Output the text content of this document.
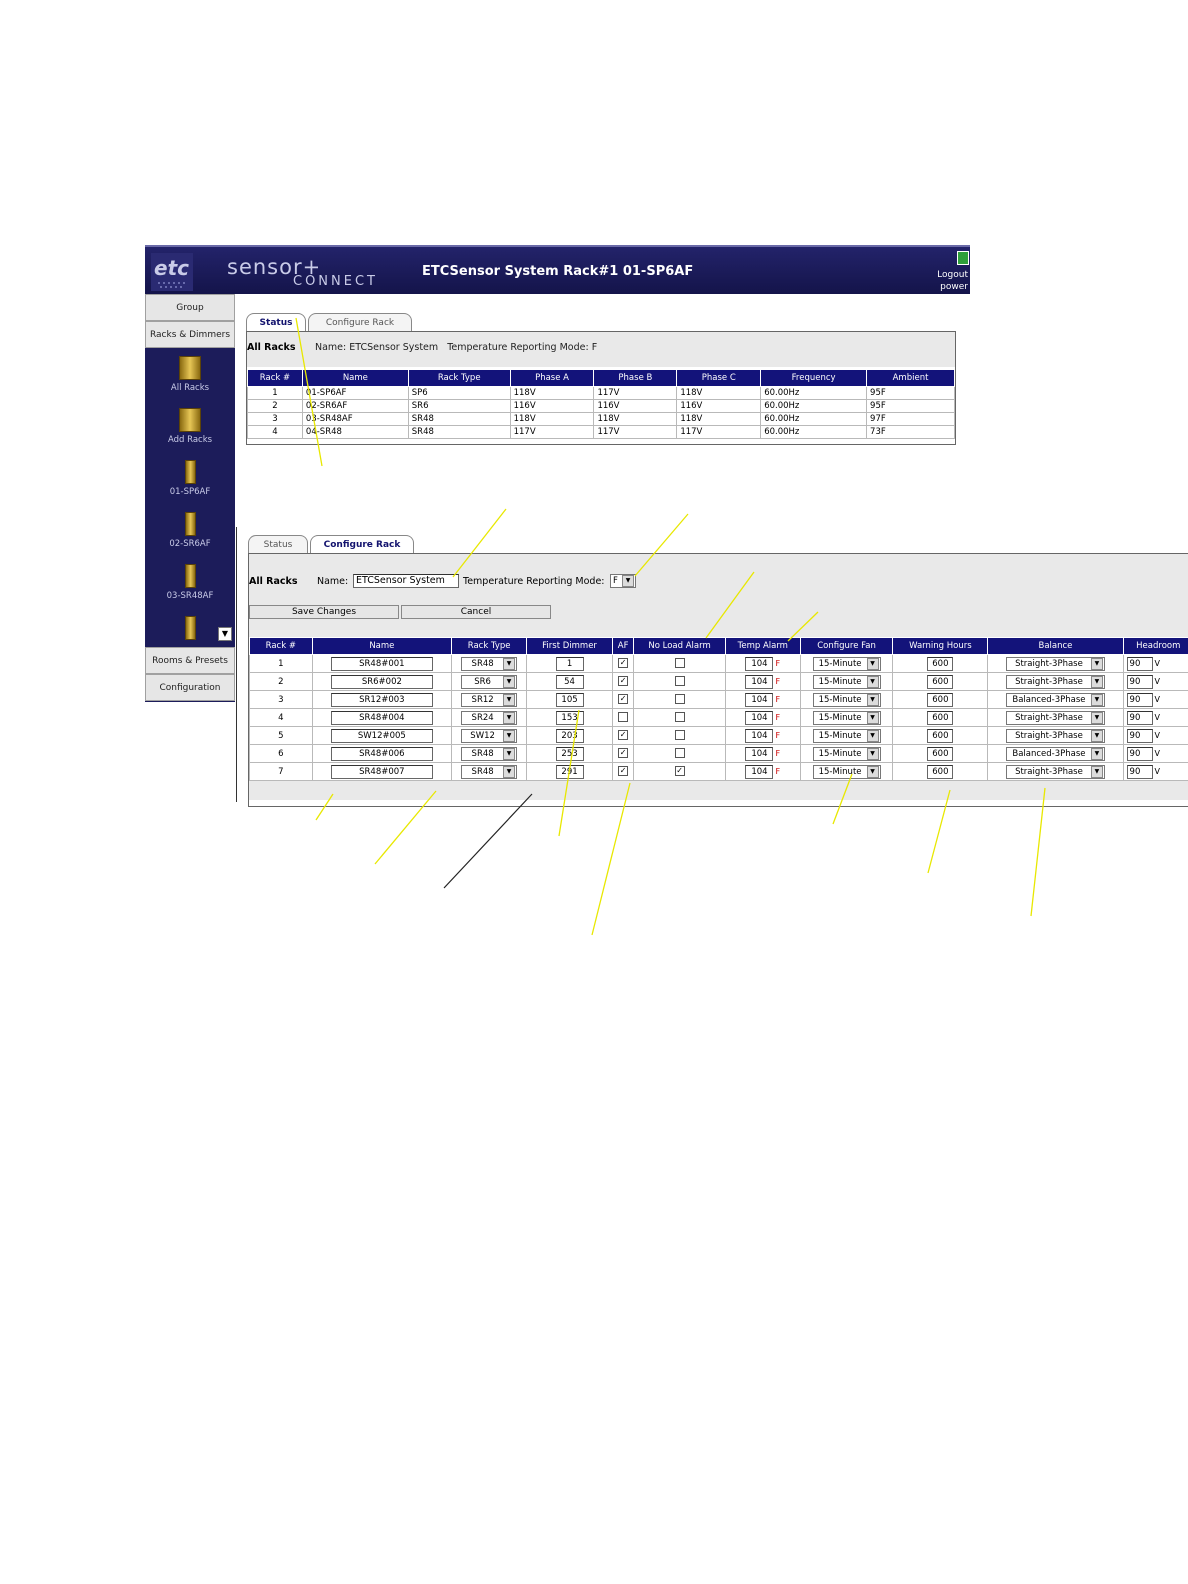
etc sensor+
CONNECT
ETCSensor System Rack#1 01-SP6AF	Logout
power
Group
Racks & Dimmers
All Racks
Add Racks
01-SP6AF
02-SR6AF
03-SR48AF
▼
Rooms & Presets
Configuration
Status	Configure Rack
All Racks Name: ETCSensor System   Temperature Reporting Mode: F
Rack #	Name	Rack Type	Phase A	Phase B	Phase C	Frequency	Ambient
1	01-SP6AF	SP6	118V	117V	118V	60.00Hz	95F
2	02-SR6AF	SR6	116V	116V	116V	60.00Hz	95F
3	03-SR48AF	SR48	118V	118V	118V	60.00Hz	97F
4	04-SR48	SR48	117V	117V	117V	60.00Hz	73F
Status	Configure Rack
All Racks Name: ETCSensor System	Temperature Reporting Mode: F	▼
Save Changes	Cancel
Rack #	Name	Rack Type	First Dimmer	AF	No Load Alarm	Temp Alarm	Configure Fan	Warning Hours	Balance	Headroom
1	SR48#001	SR48 ▼	1	✓		104 F	15-Minute ▼	600	Straight-3Phase ▼	90 V
2	SR6#002	SR6 ▼	54	✓		104 F	15-Minute ▼	600	Straight-3Phase ▼	90 V
3	SR12#003	SR12 ▼	105	✓		104 F	15-Minute ▼	600	Balanced-3Phase ▼	90 V
4	SR48#004	SR24 ▼	153			104 F	15-Minute ▼	600	Straight-3Phase ▼	90 V
5	SW12#005	SW12 ▼	203	✓		104 F	15-Minute ▼	600	Straight-3Phase ▼	90 V
6	SR48#006	SR48 ▼	253	✓		104 F	15-Minute ▼	600	Balanced-3Phase ▼	90 V
7	SR48#007	SR48 ▼	291	✓	✓	104 F	15-Minute ▼	600	Straight-3Phase ▼	90 V
